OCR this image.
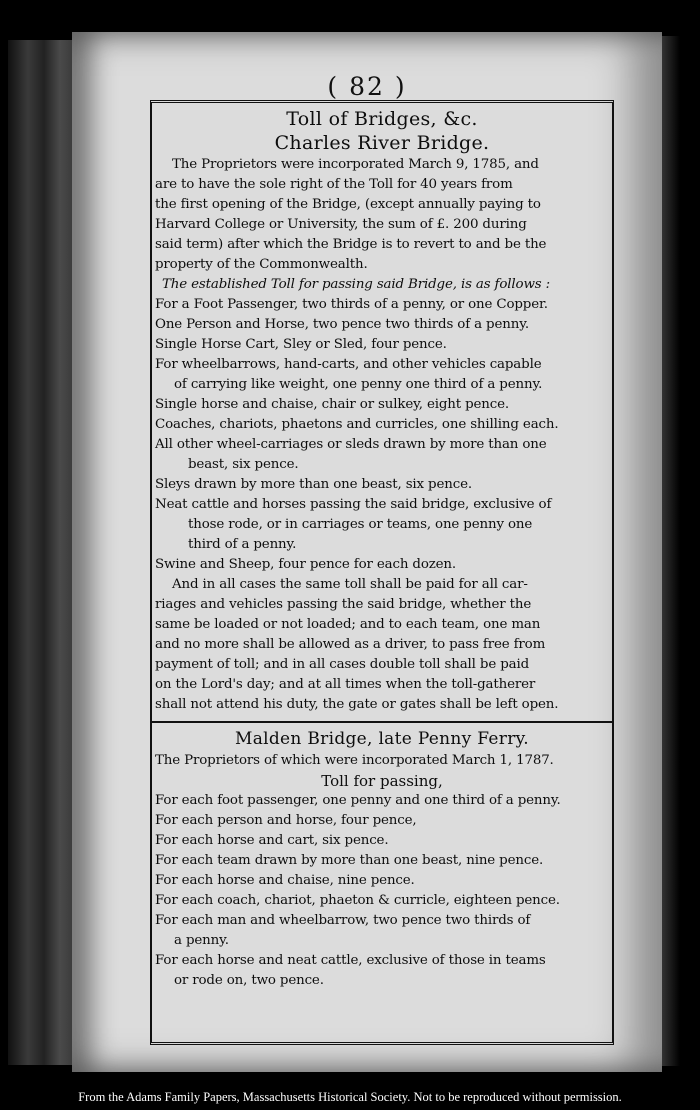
( 82 )

Toll of Bridges, &c.

Charles River Bridge.

The Proprietors were incorporated March 9, 1785, and

are to have the sole right of the Toll for 40 years from

the first opening of the Bridge, (except annually paying to

Harvard College or University, the sum of £. 200 during

said term) after which the Bridge is to revert to and be the

property of the Commonwealth.

The established Toll for passing said Bridge, is as follows :

For a Foot Passenger, two thirds of a penny, or one Copper.

One Person and Horse, two pence two thirds of a penny.

Single Horse Cart, Sley or Sled, four pence.

For wheelbarrows, hand-carts, and other vehicles capable

of carrying like weight, one penny one third of a penny.

Single horse and chaise, chair or sulkey, eight pence.

Coaches, chariots, phaetons and curricles, one shilling each.

All other wheel-carriages or sleds drawn by more than one

beast, six pence.

Sleys drawn by more than one beast, six pence.

Neat cattle and horses passing the said bridge, exclusive of

those rode, or in carriages or teams, one penny one

third of a penny.

Swine and Sheep, four pence for each dozen.

And in all cases the same toll shall be paid for all car-

riages and vehicles passing the said bridge, whether the

same be loaded or not loaded; and to each team, one man

and no more shall be allowed as a driver, to pass free from

payment of toll; and in all cases double toll shall be paid

on the Lord's day; and at all times when the toll-gatherer

shall not attend his duty, the gate or gates shall be left open.

Malden Bridge, late Penny Ferry.

The Proprietors of which were incorporated March 1, 1787.

Toll for passing,

For each foot passenger, one penny and one third of a penny.

For each person and horse, four pence,

For each horse and cart, six pence.

For each team drawn by more than one beast, nine pence.

For each horse and chaise, nine pence.

For each coach, chariot, phaeton & curricle, eighteen pence.

For each man and wheelbarrow, two pence two thirds of

a penny.

For each horse and neat cattle, exclusive of those in teams

or rode on, two pence.

From the Adams Family Papers, Massachusetts Historical Society. Not to be reproduced without permission.
